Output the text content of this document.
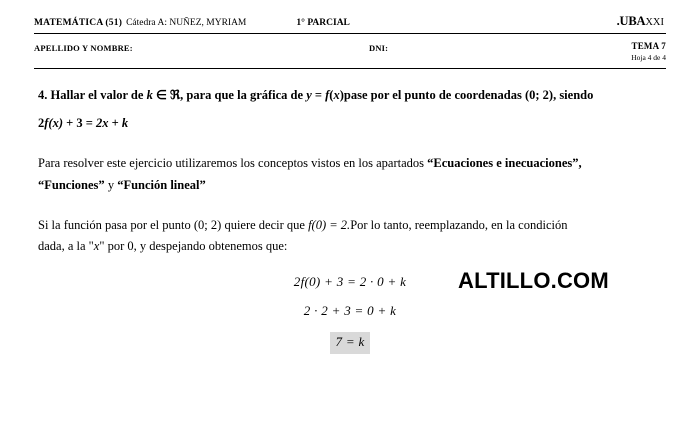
MATEMÁTICA (51) Cátedra A: NUÑEZ, MYRIAM	1° PARCIAL	.UBAXXI
APELLIDO Y NOMBRE:	DNI:	TEMA 7
Hoja 4 de 4
4. Hallar el valor de k ∈ ℜ, para que la gráfica de y = f(x)pase por el punto de coordenadas (0; 2), siendo
2f(x) + 3 = 2x + k
Para resolver este ejercicio utilizaremos los conceptos vistos en los apartados “Ecuaciones e inecuaciones”,
“Funciones” y “Función lineal”
Si la función pasa por el punto (0; 2) quiere decir que f(0) = 2.Por lo tanto, reemplazando, en la condición
dada, a la "x" por 0, y despejando obtenemos que:
2f(0) + 3 = 2 · 0 + k
2 · 2 + 3 = 0 + k
7 = k
ALTILLO.COM
